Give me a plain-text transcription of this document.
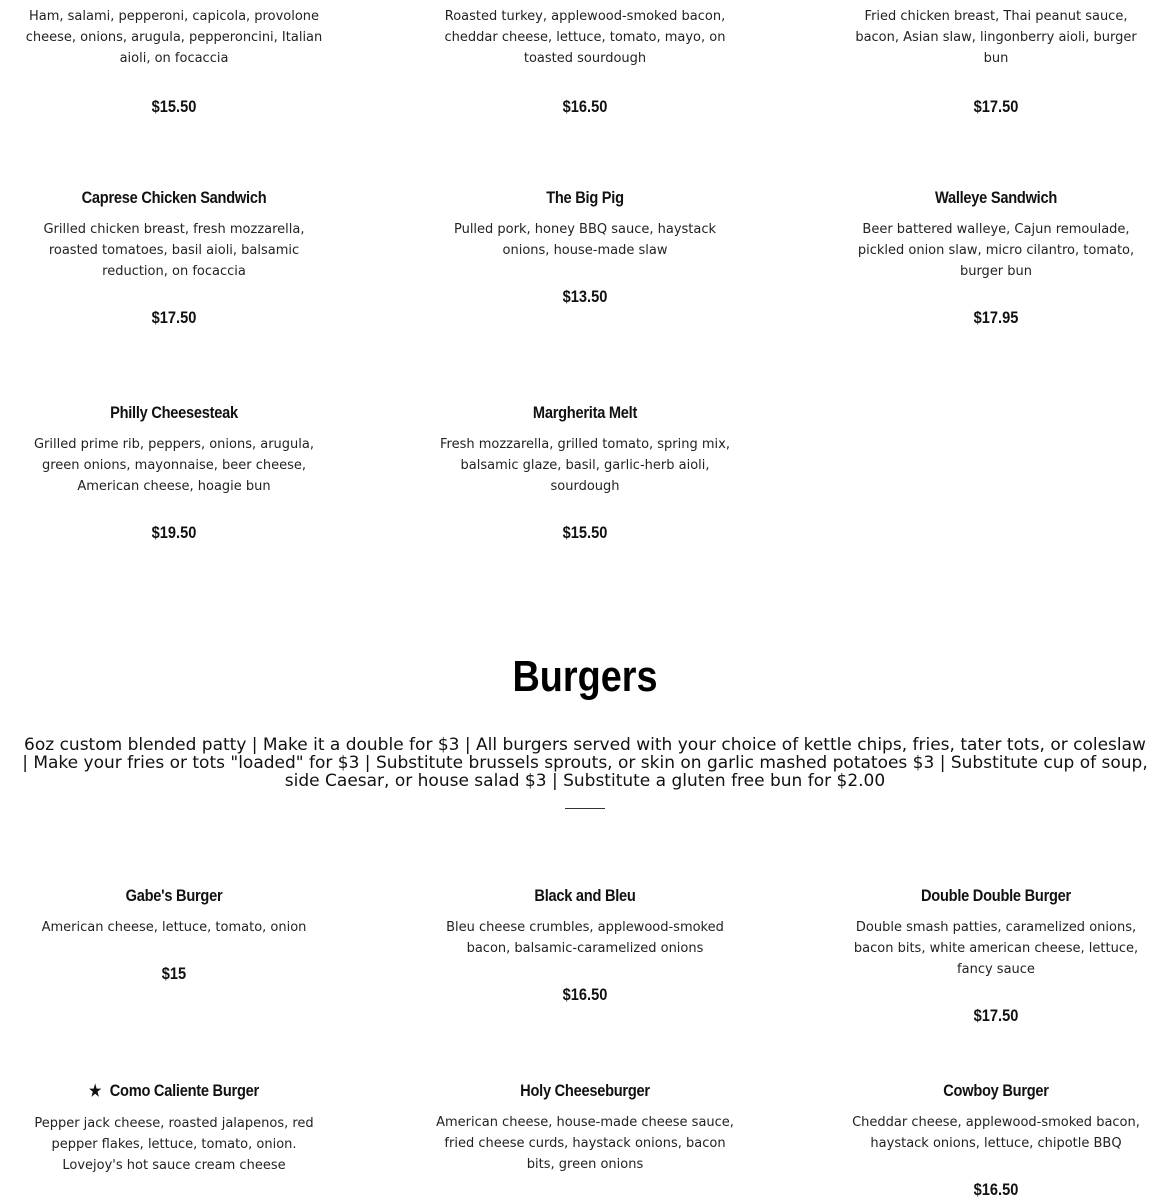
Ham, salami, pepperoni, capicola, provolone cheese, onions, arugula, pepperoncini, Italian aioli, on focaccia

$15.50

Roasted turkey, applewood-smoked bacon, cheddar cheese, lettuce, tomato, mayo, on toasted sourdough

$16.50

Fried chicken breast, Thai peanut sauce, bacon, Asian slaw, lingonberry aioli, burger bun

$17.50
Caprese Chicken Sandwich

Grilled chicken breast, fresh mozzarella, roasted tomatoes, basil aioli, balsamic reduction, on focaccia

$17.50
The Big Pig

Pulled pork, honey BBQ sauce, haystack onions, house-made slaw

$13.50
Walleye Sandwich

Beer battered walleye, Cajun remoulade, pickled onion slaw, micro cilantro, tomato, burger bun

$17.95
Philly Cheesesteak

Grilled prime rib, peppers, onions, arugula, green onions, mayonnaise, beer cheese, American cheese, hoagie bun

$19.50
Margherita Melt

Fresh mozzarella, grilled tomato, spring mix, balsamic glaze, basil, garlic-herb aioli, sourdough

$15.50
Burgers
6oz custom blended patty | Make it a double for $3 | All burgers served with your choice of kettle chips, fries, tater tots, or coleslaw | Make your fries or tots "loaded" for $3 | Substitute brussels sprouts, or skin on garlic mashed potatoes $3 | Substitute cup of soup, side Caesar, or house salad $3 | Substitute a gluten free bun for $2.00
Gabe's Burger

American cheese, lettuce, tomato, onion

$15
Black and Bleu

Bleu cheese crumbles, applewood-smoked bacon, balsamic-caramelized onions

$16.50
Double Double Burger

Double smash patties, caramelized onions, bacon bits, white american cheese, lettuce, fancy sauce

$17.50
★ Como Caliente Burger

Pepper jack cheese, roasted jalapenos, red pepper flakes, lettuce, tomato, onion. Lovejoy's hot sauce cream cheese

Holy Cheeseburger

American cheese, house-made cheese sauce, fried cheese curds, haystack onions, bacon bits, green onions

Cowboy Burger

Cheddar cheese, applewood-smoked bacon, haystack onions, lettuce, chipotle BBQ

$16.50
